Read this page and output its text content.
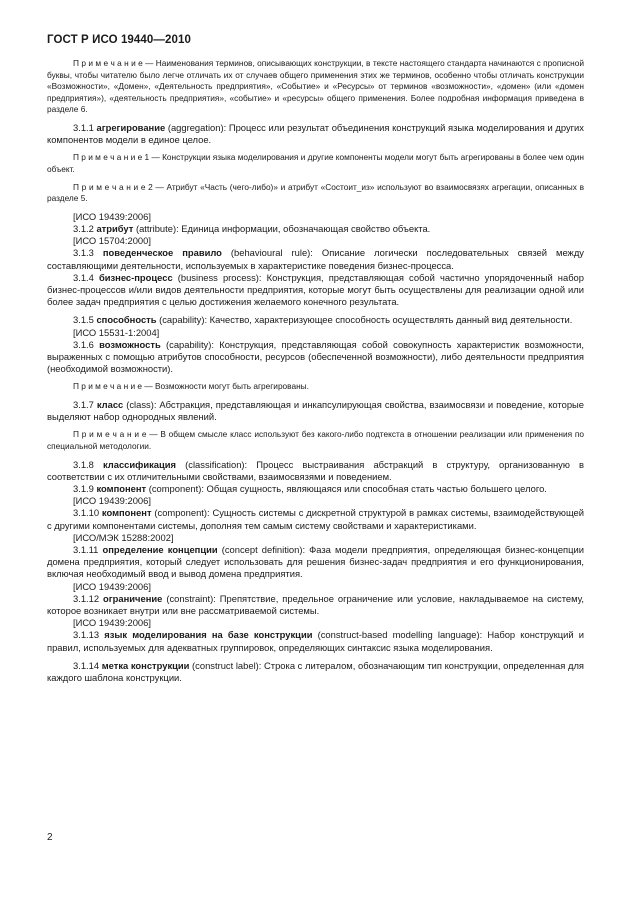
ГОСТ Р ИСО 19440—2010

П р и м е ч а н и е — Наименования терминов, описывающих конструкции, в тексте настоящего стандарта начинаются с прописной буквы, чтобы читателю было легче отличать их от случаев общего применения этих же терминов, особенно чтобы отличать конструкции «Возможности», «Домен», «Деятельность предприятия», «Событие» и «Ресурсы» от терминов «возможности», «домен» (или «домен предприятия»), «деятельность предприятия», «событие» и «ресурсы» общего применения. Более подробная информация приведена в разделе 6.

3.1.1 агрегирование (aggregation): Процесс или результат объединения конструкций языка моделирования и других компонентов модели в единое целое.

П р и м е ч а н и е 1 — Конструкции языка моделирования и другие компоненты модели могут быть агрегированы в более чем один объект.

П р и м е ч а н и е 2 — Атрибут «Часть (чего-либо)» и атрибут «Состоит_из» используют во взаимосвязях агрегации, описанных в разделе 5.

[ИСО 19439:2006]

3.1.2 атрибут (attribute): Единица информации, обозначающая свойство объекта.

[ИСО 15704:2000]

3.1.3 поведенческое правило (behavioural rule): Описание логически последовательных связей между составляющими деятельности, используемых в характеристике поведения бизнес-процесса.

3.1.4 бизнес-процесс (business process): Конструкция, представляющая собой частично упорядоченный набор бизнес-процессов и/или видов деятельности предприятия, которые могут быть осуществлены для реализации одной или более задач предприятия с целью достижения желаемого конечного результата.

3.1.5 способность (capability): Качество, характеризующее способность осуществлять данный вид деятельности.

[ИСО 15531-1:2004]

3.1.6 возможность (capability): Конструкция, представляющая собой совокупность характеристик возможности, выраженных с помощью атрибутов способности, ресурсов (обеспеченной возможности), либо деятельности предприятия (необходимой возможности).

П р и м е ч а н и е — Возможности могут быть агрегированы.

3.1.7 класс (class): Абстракция, представляющая и инкапсулирующая свойства, взаимосвязи и поведение, которые выделяют набор однородных явлений.

П р и м е ч а н и е — В общем смысле класс используют без какого-либо подтекста в отношении реализации или применения по специальной методологии.

3.1.8 классификация (classification): Процесс выстраивания абстракций в структуру, организованную в соответствии с их отличительными свойствами, взаимосвязями и поведением.

3.1.9 компонент (component): Общая сущность, являющаяся или способная стать частью большего целого.

[ИСО 19439:2006]

3.1.10 компонент (component): Сущность системы с дискретной структурой в рамках системы, взаимодействующей с другими компонентами системы, дополняя тем самым систему свойствами и характеристиками.

[ИСО/МЭК 15288:2002]

3.1.11 определение концепции (concept definition): Фаза модели предприятия, определяющая бизнес-концепции домена предприятия, который следует использовать для решения бизнес-задач предприятия и его функционирования, включая необходимый ввод и вывод домена предприятия.

[ИСО 19439:2006]

3.1.12 ограничение (constraint): Препятствие, предельное ограничение или условие, накладываемое на систему, которое возникает внутри или вне рассматриваемой системы.

[ИСО 19439:2006]

3.1.13 язык моделирования на базе конструкции (construct-based modelling language): Набор конструкций и правил, используемых для адекватных группировок, определяющих синтаксис языка моделирования.

3.1.14 метка конструкции (construct label): Строка с литералом, обозначающим тип конструкции, определенная для каждого шаблона конструкции.

2
